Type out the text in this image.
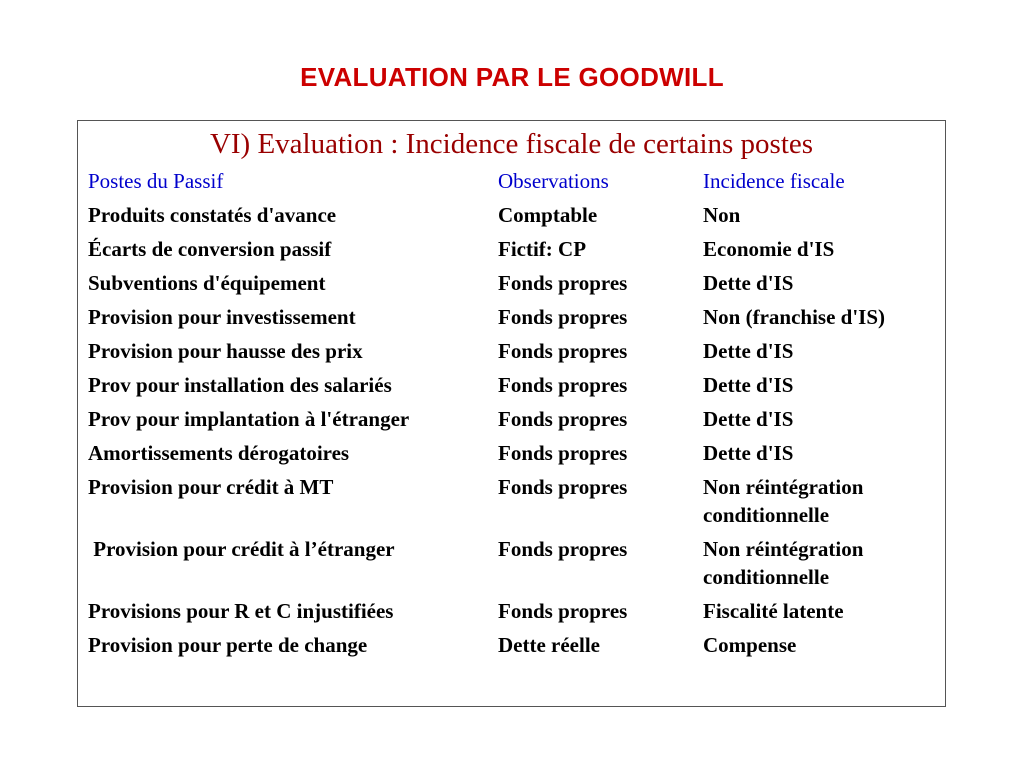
EVALUATION PAR LE GOODWILL
VI) Evaluation : Incidence fiscale de certains postes
Postes du Passif	Observations	Incidence fiscale
Produits constatés d'avance	Comptable	Non
Écarts de conversion passif	Fictif: CP	Economie d'IS
Subventions d'équipement	Fonds propres	Dette d'IS
Provision pour investissement	Fonds propres	Non (franchise d'IS)
Provision pour hausse des prix	Fonds propres	Dette d'IS
Prov pour installation des salariés	Fonds propres	Dette d'IS
Prov pour implantation à l'étranger	Fonds propres	Dette d'IS
Amortissements dérogatoires	Fonds propres	Dette d'IS
Provision pour crédit à MT	Fonds propres	Non réintégration conditionnelle
Provision pour crédit à l’étranger	Fonds propres	Non réintégration conditionnelle
Provisions pour R et C injustifiées	Fonds propres	Fiscalité latente
Provision pour perte de change	Dette réelle	Compense
